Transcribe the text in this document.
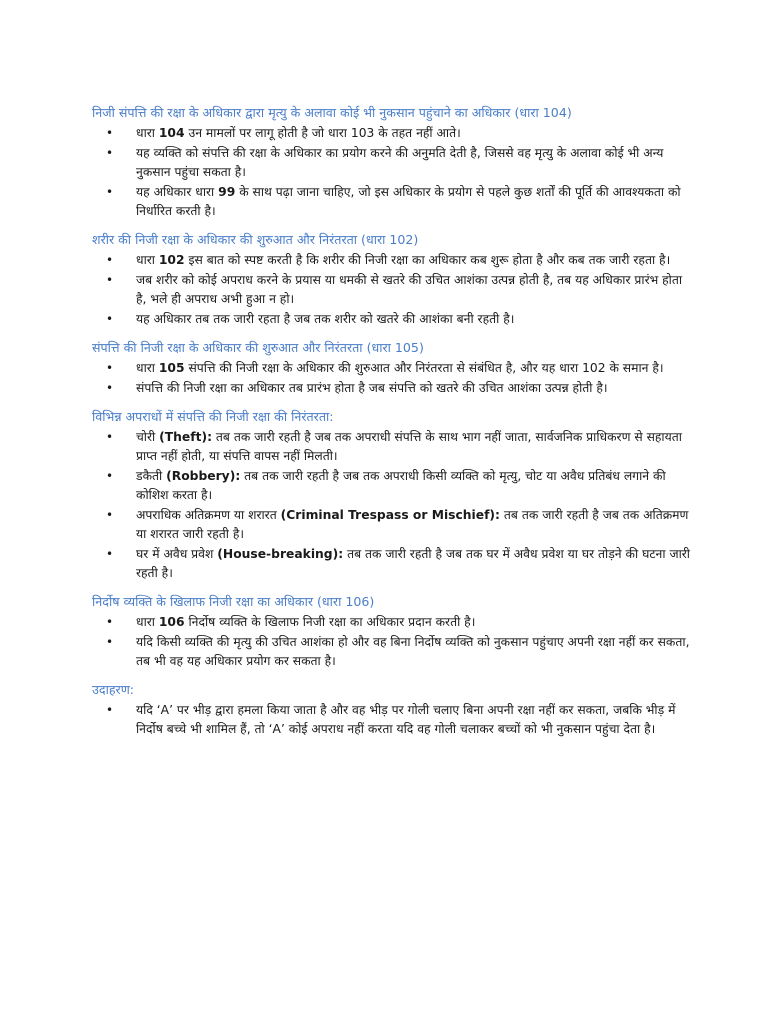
निजी संपत्ति की रक्षा के अधिकार द्वारा मृत्यु के अलावा कोई भी नुकसान पहुंचाने का अधिकार (धारा 104)
• धारा 104 उन मामलों पर लागू होती है जो धारा 103 के तहत नहीं आते।
• यह व्यक्ति को संपत्ति की रक्षा के अधिकार का प्रयोग करने की अनुमति देती है, जिससे वह मृत्यु के अलावा कोई भी अन्य नुकसान पहुंचा सकता है।
• यह अधिकार धारा 99 के साथ पढ़ा जाना चाहिए, जो इस अधिकार के प्रयोग से पहले कुछ शर्तों की पूर्ति की आवश्यकता को निर्धारित करती है।
शरीर की निजी रक्षा के अधिकार की शुरुआत और निरंतरता (धारा 102)
• धारा 102 इस बात को स्पष्ट करती है कि शरीर की निजी रक्षा का अधिकार कब शुरू होता है और कब तक जारी रहता है।
• जब शरीर को कोई अपराध करने के प्रयास या धमकी से खतरे की उचित आशंका उत्पन्न होती है, तब यह अधिकार प्रारंभ होता है, भले ही अपराध अभी हुआ न हो।
• यह अधिकार तब तक जारी रहता है जब तक शरीर को खतरे की आशंका बनी रहती है।
संपत्ति की निजी रक्षा के अधिकार की शुरुआत और निरंतरता (धारा 105)
• धारा 105 संपत्ति की निजी रक्षा के अधिकार की शुरुआत और निरंतरता से संबंधित है, और यह धारा 102 के समान है।
• संपत्ति की निजी रक्षा का अधिकार तब प्रारंभ होता है जब संपत्ति को खतरे की उचित आशंका उत्पन्न होती है।
विभिन्न अपराधों में संपत्ति की निजी रक्षा की निरंतरता:
• चोरी (Theft): तब तक जारी रहती है जब तक अपराधी संपत्ति के साथ भाग नहीं जाता, सार्वजनिक प्राधिकरण से सहायता प्राप्त नहीं होती, या संपत्ति वापस नहीं मिलती।
• डकैती (Robbery): तब तक जारी रहती है जब तक अपराधी किसी व्यक्ति को मृत्यु, चोट या अवैध प्रतिबंध लगाने की कोशिश करता है।
• अपराधिक अतिक्रमण या शरारत (Criminal Trespass or Mischief): तब तक जारी रहती है जब तक अतिक्रमण या शरारत जारी रहती है।
• घर में अवैध प्रवेश (House-breaking): तब तक जारी रहती है जब तक घर में अवैध प्रवेश या घर तोड़ने की घटना जारी रहती है।
निर्दोष व्यक्ति के खिलाफ निजी रक्षा का अधिकार (धारा 106)
• धारा 106 निर्दोष व्यक्ति के खिलाफ निजी रक्षा का अधिकार प्रदान करती है।
• यदि किसी व्यक्ति की मृत्यु की उचित आशंका हो और वह बिना निर्दोष व्यक्ति को नुकसान पहुंचाए अपनी रक्षा नहीं कर सकता, तब भी वह यह अधिकार प्रयोग कर सकता है।
उदाहरण:
• यदि ‘A’ पर भीड़ द्वारा हमला किया जाता है और वह भीड़ पर गोली चलाए बिना अपनी रक्षा नहीं कर सकता, जबकि भीड़ में निर्दोष बच्चे भी शामिल हैं, तो ‘A’ कोई अपराध नहीं करता यदि वह गोली चलाकर बच्चों को भी नुकसान पहुंचा देता है।
